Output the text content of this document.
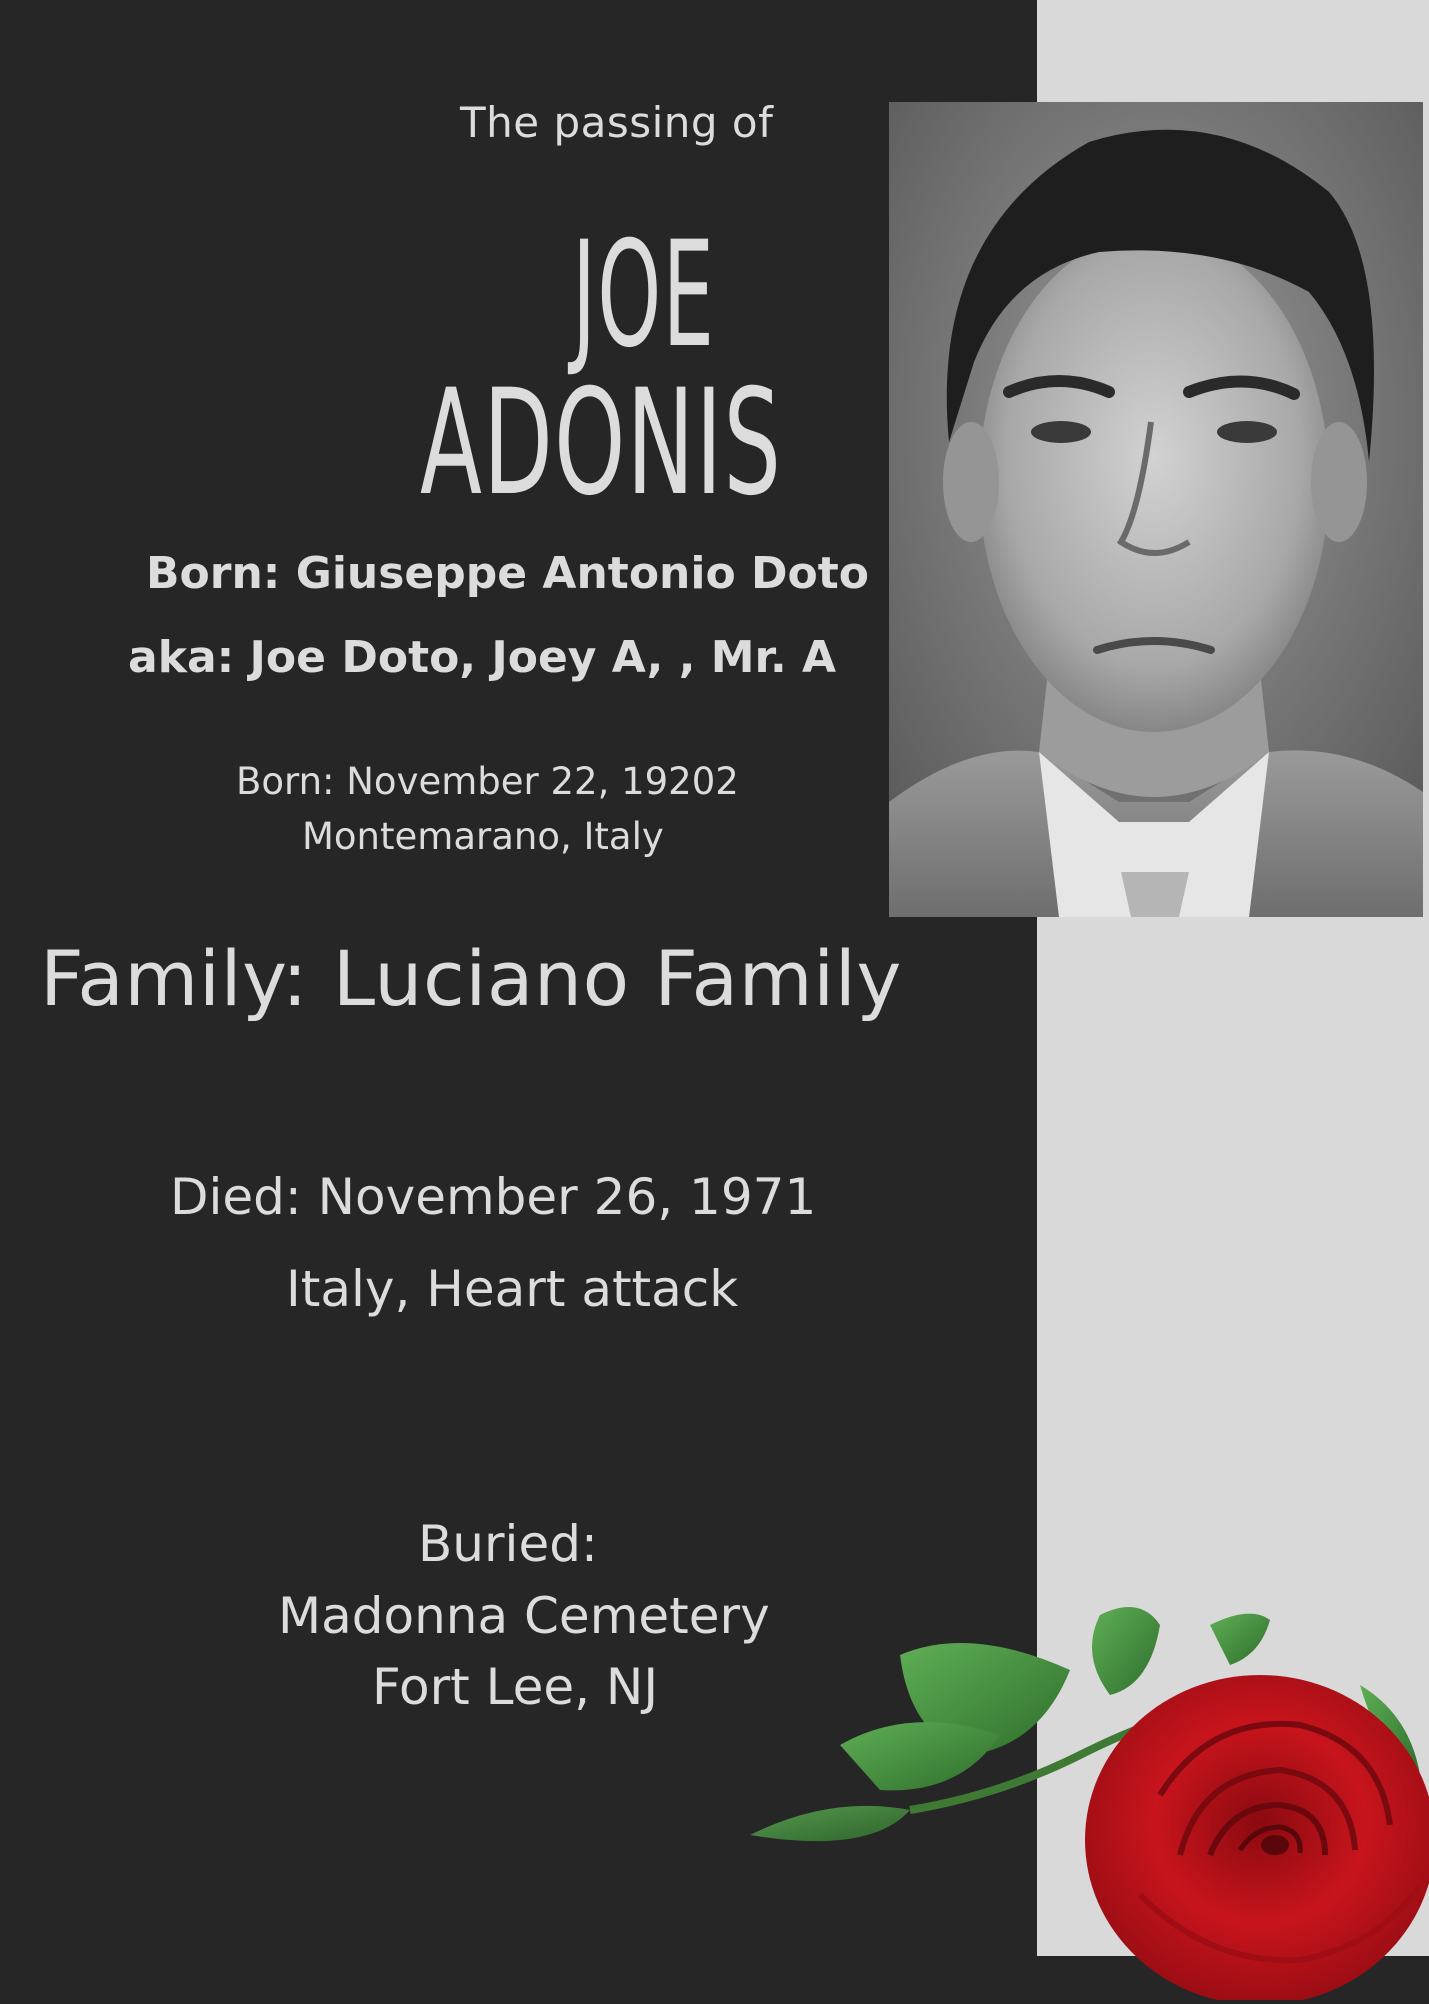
The passing of

JOE

ADONIS

Born: Giuseppe Antonio Doto

aka: Joe Doto, Joey A, , Mr. A

Born: November 22, 19202

Montemarano, Italy

Family: Luciano Family

Died: November 26, 1971

Italy, Heart attack

Buried:

Madonna Cemetery

Fort Lee, NJ
